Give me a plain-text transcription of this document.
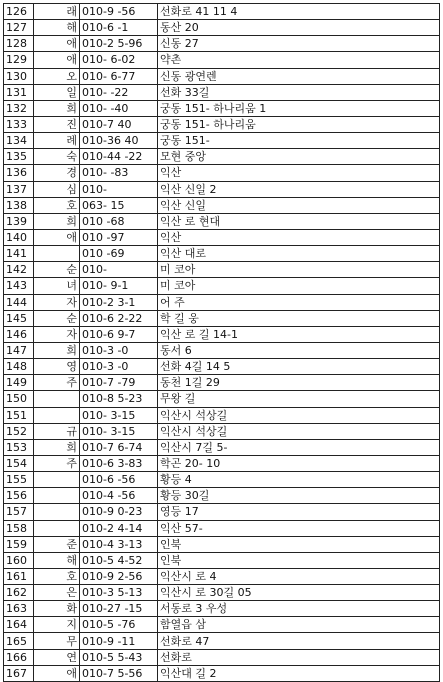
126	래	010-9 -56	선화로 41 11 4
127	해	010-6 -1	동산 20
128	애	010-2 5-96	신동 27
129	애	010- 6-02	약촌
130	오	010- 6-77	신동 광연렌
131	일	010- -22	선화 33길
132	희	010- -40	궁동 151- 하나리움 1
133	진	010-7 40	궁동 151- 하나리움
134	례	010-36 40	궁동 151-
135	숙	010-44 -22	모현 중앙
136	경	010- -83	익산
137	심	010-	익산 신일 2
138	호	063- 15	익산 신일
139	희	010 -68	익산 로 현대
140	애	010 -97	익산
141		010 -69	익산 대로
142	순	010-	미 코아
143	녀	010- 9-1	미 코아
144	자	010-2 3-1	어 주
145	순	010-6 2-22	학 길 웅
146	자	010-6 9-7	익산 로 길 14-1
147	희	010-3 -0	동서 6
148	영	010-3 -0	선화 4길 14 5
149	주	010-7 -79	동천 1길 29
150		010-8 5-23	무왕 길
151		010- 3-15	익산시 석상길
152	규	010- 3-15	익산시 석상길
153	희	010-7 6-74	익산시 7길 5-
154	주	010-6 3-83	학곤 20- 10
155		010-6 -56	황등 4
156		010-4 -56	황등 30길
157		010-9 0-23	영등 17
158		010-2 4-14	익산 57-
159	준	010-4 3-13	인북
160	해	010-5 4-52	인북
161	호	010-9 2-56	익산시 로 4
162	은	010-3 5-13	익산시 로 30길 05
163	화	010-27 -15	서동로 3 우성
164	지	010-5 -76	함열읍 삼
165	무	010-9 -11	선화로 47
166	연	010-5 5-43	선화로
167	애	010-7 5-56	익산대 길 2
